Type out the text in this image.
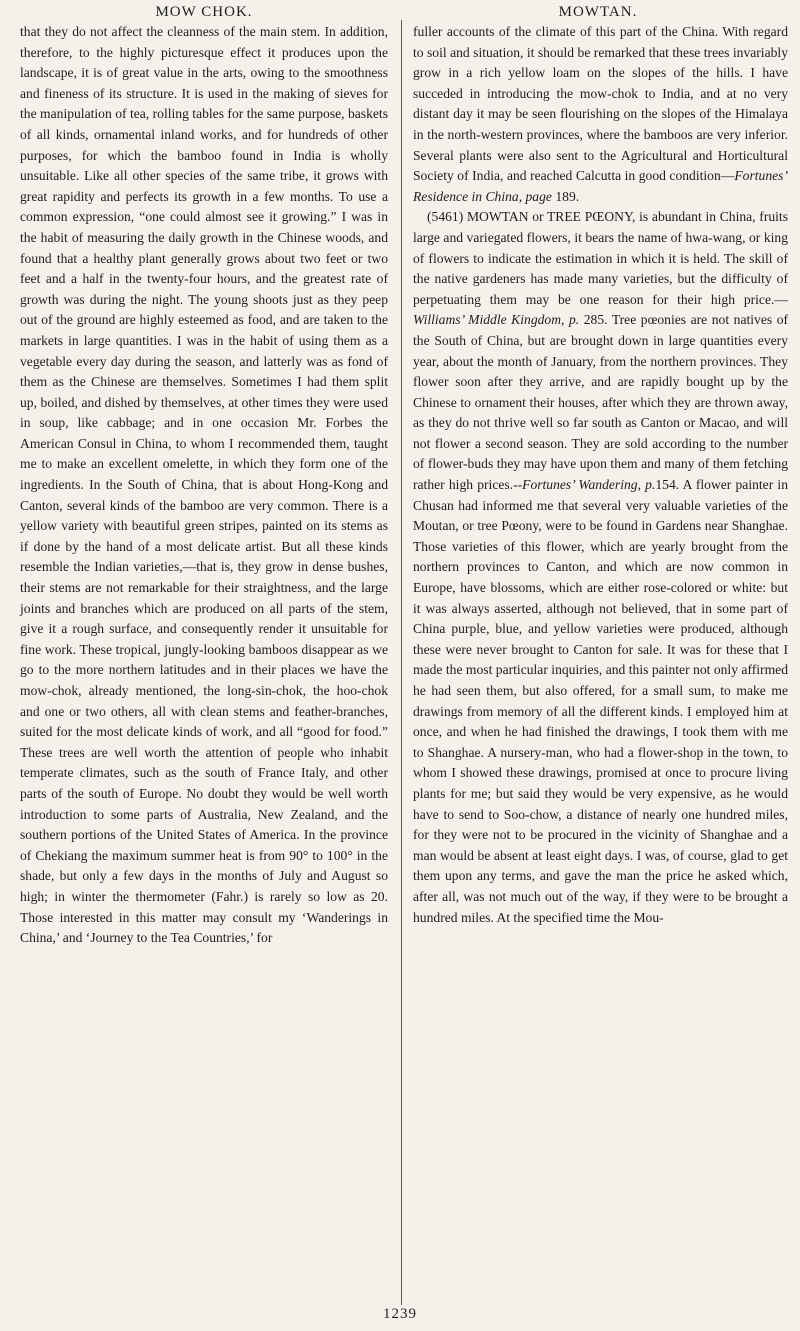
MOW CHOK.	MOWTAN.

that they do not affect the cleanness of the main stem. In addition, therefore, to the highly picturesque effect it produces upon the landscape, it is of great value in the arts, owing to the smoothness and fineness of its structure. It is used in the making of sieves for the manipulation of tea, rolling tables for the same purpose, baskets of all kinds, ornamental inland works, and for hundreds of other purposes, for which the bamboo found in India is wholly unsuitable. Like all other species of the same tribe, it grows with great rapidity and perfects its growth in a few months. To use a common expression, “one could almost see it growing.” I was in the habit of measuring the daily growth in the Chinese woods, and found that a healthy plant generally grows about two feet or two feet and a half in the twenty-four hours, and the greatest rate of growth was during the night. The young shoots just as they peep out of the ground are highly esteemed as food, and are taken to the markets in large quantities. I was in the habit of using them as a vegetable every day during the season, and latterly was as fond of them as the Chinese are themselves. Sometimes I had them split up, boiled, and dished by themselves, at other times they were used in soup, like cabbage; and in one occasion Mr. Forbes the American Consul in China, to whom I recommended them, taught me to make an excellent omelette, in which they form one of the ingredients. In the South of China, that is about Hong-Kong and Canton, several kinds of the bamboo are very common. There is a yellow variety with beautiful green stripes, painted on its stems as if done by the hand of a most delicate artist. But all these kinds resemble the Indian varieties,—that is, they grow in dense bushes, their stems are not remarkable for their straightness, and the large joints and branches which are produced on all parts of the stem, give it a rough surface, and consequently render it unsuitable for fine work. These tropical, jungly-looking bamboos disappear as we go to the more northern latitudes and in their places we have the mow-chok, already mentioned, the long-sin-chok, the hoo-chok and one or two others, all with clean stems and feather-branches, suited for the most delicate kinds of work, and all “good for food.” These trees are well worth the attention of people who inhabit temperate climates, such as the south of France Italy, and other parts of the south of Europe. No doubt they would be well worth introduction to some parts of Australia, New Zealand, and the southern portions of the United States of America. In the province of Chekiang the maximum summer heat is from 90° to 100° in the shade, but only a few days in the months of July and August so high; in winter the thermometer (Fahr.) is rarely so low as 20. Those interested in this matter may consult my ‘Wanderings in China,’ and ‘Journey to the Tea Countries,’ for

fuller accounts of the climate of this part of the China. With regard to soil and situation, it should be remarked that these trees invariably grow in a rich yellow loam on the slopes of the hills. I have succeded in introducing the mow-chok to India, and at no very distant day it may be seen flourishing on the slopes of the Himalaya in the north-western provinces, where the bamboos are very inferior. Several plants were also sent to the Agricultural and Horticultural Society of India, and reached Calcutta in good condition—Fortunes’ Residence in China, page 189.

(5461) MOWTAN or TREE PŒONY, is abundant in China, fruits large and variegated flowers, it bears the name of hwa-wang, or king of flowers to indicate the estimation in which it is held. The skill of the native gardeners has made many varieties, but the difficulty of perpetuating them may be one reason for their high price.—Williams’ Middle Kingdom, p. 285. Tree pœonies are not natives of the South of China, but are brought down in large quantities every year, about the month of January, from the northern provinces. They flower soon after they arrive, and are rapidly bought up by the Chinese to ornament their houses, after which they are thrown away, as they do not thrive well so far south as Canton or Macao, and will not flower a second season. They are sold according to the number of flower-buds they may have upon them and many of them fetching rather high prices.--Fortunes’ Wandering, p.154. A flower painter in Chusan had informed me that several very valuable varieties of the Moutan, or tree Pœony, were to be found in Gardens near Shanghae. Those varieties of this flower, which are yearly brought from the northern provinces to Canton, and which are now common in Europe, have blossoms, which are either rose-colored or white: but it was always asserted, although not believed, that in some part of China purple, blue, and yellow varieties were produced, although these were never brought to Canton for sale. It was for these that I made the most particular inquiries, and this painter not only affirmed he had seen them, but also offered, for a small sum, to make me drawings from memory of all the different kinds. I employed him at once, and when he had finished the drawings, I took them with me to Shanghae. A nursery-man, who had a flower-shop in the town, to whom I showed these drawings, promised at once to procure living plants for me; but said they would be very expensive, as he would have to send to Soo-chow, a distance of nearly one hundred miles, for they were not to be procured in the vicinity of Shanghae and a man would be absent at least eight days. I was, of course, glad to get them upon any terms, and gave the man the price he asked which, after all, was not much out of the way, if they were to be brought a hundred miles. At the specified time the Mou-

1239
